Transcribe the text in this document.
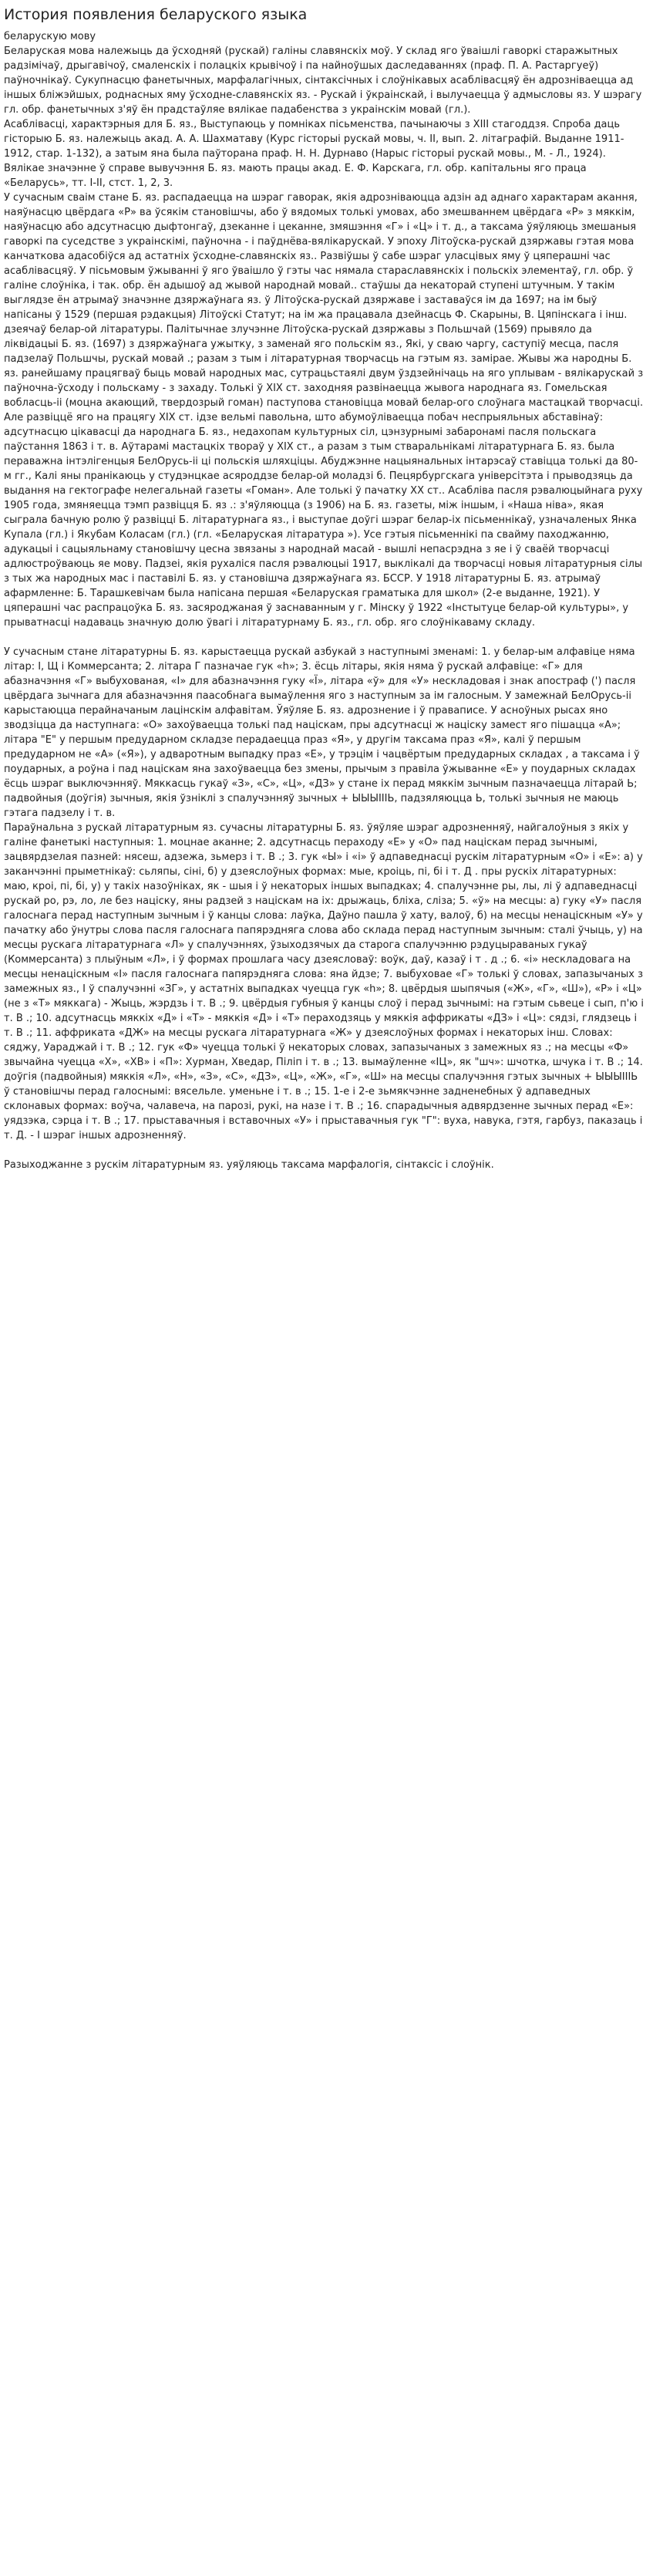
История появления беларуского языка

беларускую мову

Беларуская мова належыць да ўсходняй (рускай) галіны славянскіх моў. У склад яго ўваішлі гаворкі старажытных радзімічаў, дрыгавічоў, смаленскіх і полацкіх крывічоў і па найноўшых даследаваннях (праф. П. А. Растаргуеў) паўночнікаў. Сукупнасцю фанетычных, марфалагічных, сінтаксічных і слоўнікавых асаблівасцяў ён адрозніваецца ад іншых бліжэйшых, роднасных яму ўсходне-славянскіх яз. - Рускай і ўкраінскай, і вылучаецца ў адмысловы яз. У шэрагу гл. обр. фанетычных з'яў ён прадстаўляе вялікае падабенства з украінскім мовай (гл.).

Асаблівасці, характэрныя для Б. яз., Выступаюць у помніках пісьменства, пачынаючы з XIII стагоддзя. Спроба даць гісторыю Б. яз. належыць акад. А. А. Шахматаву (Курс гісторыі рускай мовы, ч. ІІ, вып. 2. літаграфій. Выданне 1911-1912, стар. 1-132), а затым яна была паўторана праф. Н. Н. Дурнаво (Нарыс гісторыі рускай мовы., М. - Л., 1924). Вялікае значэнне ў справе вывучэння Б. яз. мають працы акад. Е. Ф. Карскага, гл. обр. капітальны яго праца «Беларусь», тт. I-II, стст. 1, 2, 3.

У сучасным сваім стане Б. яз. распадаецца на шэраг гаворак, якія адрозніваюцца адзін ад аднаго характарам акання, наяўнасцю цвёрдага «Р» ва ўсякім становішчы, або ў вядомых толькі умовах, або змешваннем цвёрдага «Р» з мяккім, наяўнасцю або адсутнасцю дыфтонгаў, дзеканне і цеканне, змяшэння «Г» і «Ц» і т. д., а таксама ўяўляюць змешаныя гаворкі па суседстве з украінскімі, паўночна - і паўднёва-вялікарускай. У эпоху Літоўска-рускай дзяржавы гэтая мова канчаткова адасобіўся ад астатніх ўсходне-славянскіх яз.. Развіўшы ў сабе шэраг уласцівых яму ў цяперашні час асаблівасцяў. У пісьмовым ўжыванні ў яго ўваішло ў гэты час нямала стараславянскіх і польскіх элементаў, гл. обр. ў галіне слоўніка, і так. обр. ён адышоў ад жывой народнай мовай.. стаўшы да некаторай ступені штучным. У такім выглядзе ён атрымаў значэнне дзяржаўнага яз. ў Літоўска-рускай дзяржаве і заставаўся ім да 1697; на ім быў напісаны ў 1529 (першая рэдакцыя) Літоўскі Статут; на ім жа працавала дзейнасць Ф. Скарыны, В. Цяпінскага і інш. дзеячаў белар-ой літаратуры. Палітычнае злучэнне Літоўска-рускай дзяржавы з Польшчай (1569) прывяло да ліквідацыі Б. яз. (1697) з дзяржаўнага ужытку, з заменай яго польскім яз., Які, у сваю чаргу, саступіў месца, пасля падзелаў Польшчы, рускай мовай .; разам з тым і літаратурная творчасць на гэтым яз. заміраe. Жывы жа народны Б. яз. ранейшаму працягваў быць мовай народных мас, сутрацьстаялі двум ўздзейнічаць на яго уплывам - вялікарускай з паўночна-ўсходу і польскаму - з захаду. Толькі ў XIX ст. заходняя развінаецца жывога народнага яз. Гомельская вобласць-іі (моцна акающий, твердозрый гоман) паступова становіцца мовай белар-ого слоўнага мастацкай творчасці.

Але развіццё яго на працягу XIX ст. ідзе вельмі павольна, што абумоўліваецца побач неспрыяльных абставінаў: адсутнасцю цікавасці да народнага Б. яз., недахопам культурных сіл, цэнзурнымі забаронамі пасля польскага паўстання 1863 і т. в. Аўтарамі мастацкіх твораў у XIX ст., а разам з тым стваральнікамі літаратурнага Б. яз. была пераважна інтэлігенцыя БелОрусь-іі ці польскія шляхціцы. Абуджэнне нацыянальных інтарэсаў ставіцца толькі да 80-м гг., Калі яны пранікаюць у студэнцкае асяроддзе белар-ой моладзі б. Пецярбургскага універсітэта і прыводзяць да выдання на гектографе нелегальнай газеты «Гоман». Але толькі ў пачатку XX ст.. Асабліва пасля рэвалюцыйнага руху 1905 года, змяняецца тэмп развіцця Б. яз .: з'яўляюцца (з 1906) на Б. яз. газеты, між іншым, і «Наша ніва», якая сыграла бачную ролю ў развіцці Б. літаратурнага яз., і выступае доўгі шэраг белар-іх пісьменнікаў, узначаленых Янка Купала (гл.) і Якубам Коласам (гл.) (гл. «Беларуская літаратура »). Усе гэтыя пісьменнікі па свайму паходжанню, адукацыі і сацыяльнаму становішчу цесна звязаны з народнай масай - вышлі непасрэдна з яе і ў сваёй творчасці адлюстроўваюць яе мову. Падзеі, якія рухаліся пасля рэвалюцыі 1917, выклікалі да творчасці новыя літаратурныя сілы з тых жа народных мас і паставілі Б. яз. у становішча дзяржаўнага яз. БССР. У 1918 літаратурны Б. яз. атрымаў афармленне: Б. Тарашкевічам была напісана першая «Беларуская граматыка для школ» (2-е выданне, 1921). У цяперашні час распрацоўка Б. яз. засяроджаная ў заснаванным у г. Мінску ў 1922 «Інстытуце белар-ой культуры», у прыватнасці надаваць значную долю ўвагі і літаратурнаму Б. яз., гл. обр. яго слоўнікаваму складу.

У сучасным стане літаратурны Б. яз. карыстаецца рускай азбукай з наступнымі зменамі: 1. у белар-ым алфавіце няма літар: І, Щ і Коммерсанта; 2. літара Г пазначае гук «h»; 3. ёсць літары, якія няма ў рускай алфавіце: «Г» для абазначэння «Г» выбухованая, «І» для абазначэння гуку «Ї», літара «ў» для «У» нескладовая і знак апостраф (') пасля цвёрдага зычнага для абазначэння паасобнага вымаўлення яго з наступным за ім галосным. У замежнай БелОрусь-іі карыстаюцца перайначаным лацінскім алфавітам. Ўяўляе Б. яз. адрознение і ў праваписе. У асноўных рысах яно зводзіцца да наступнага: «О» захоўваецца толькі пад націскам, пры адсутнасці ж націску замест яго пішацца «А»; літара "Е" у першым предударном складзе перадаецца праз «Я», у другім таксама праз «Я», калі ў першым предударном не «А» («Я»), у адваротным выпадку праз «Е», у трэцім і чацвёртым предударных складах , а таксама і ў поударных, а роўна і пад націскам яна захоўваецца без змены, прычым з правіла ўжыванне «Е» у поударных складах ёсць шэраг выключэнняў. Мяккасць гукаў «З», «С», «Ц», «ДЗ» у стане іх перад мяккім зычным пазначаецца літарай Ь; падвойныя (доўгія) зычныя, якія ўзніклі з спалучэнняў зычных + ЫЫЫІІІЬ, падзяляюцца Ь, толькі зычныя не маюць гэтага падзелу і т. в.

Параўнальна з рускай літаратурным яз. сучасны літаратурны Б. яз. ўяўляе шэраг адрозненняў, найгалоўныя з якіх у галіне фанетыкі наступныя: 1. моцнае аканне; 2. адсутнасць пераходу «Е» у «О» пад націскам перад зычнымі, зацвярдзелая пазней: нясеш, адзежа, зьмерз і т. В .; 3. гук «Ы» і «і» ў адпаведнасці рускім літаратурным «О» і «Е»: а) у заканчэнні прыметнікаў: сьляпы, сіні, б) у дзеяслоўных формах: мые, кроіць, пі, бі і т. Д . пры рускіх літаратурных: маю, кроі, пі, бі, у) у такіх назоўніках, як - шыя і ў некаторых іншых выпадках; 4. спалучэнне ры, лы, лі ў адпаведнасці рускай ро, рэ, ло, ле без націску, яны радзей з націскам на іх: дрыжаць, бліха, сліза; 5. «ў» на месцы: а) гуку «У» пасля галоснага перад наступным зычным і ў канцы слова: лаўка, Даўно пашла ў хату, валоў, б) на месцы ненацiскным «У» у пачатку або ўнутры слова пасля галоснага папярэдняга слова або склада перад наступным зычным: сталі ўчыць, у) на месцы рускага літаратурнага «Л» у спалучэннях, ўзыходзячых да старога спалучэнню рэдуцыраваных гукаў (Коммерсанта) з плыўным «Л», і ў формах прошлага часу дзеясловаў: воўк, даў, казаў і т . д .; 6. «і» нескладовага на месцы ненацiскным «І» пасля галоснага папярэдняга слова: яна йдзе; 7. выбуховае «Г» толькі ў словах, запазычаных з замежных яз., І ў спалучэнні «ЗГ», у астатніх выпадках чуецца гук «h»; 8. цвёрдыя шыпячыя («Ж», «Г», «Ш»), «Р» і «Ц» (не з «Т» мяккага) - Жыць, жэрдзь і т. В .; 9. цвёрдыя губныя ў канцы слоў і перад зычнымі: на гэтым сьвеце і сып, п'ю і т. В .; 10. адсутнасць мяккіх «Д» і «Т» - мяккія «Д» і «Т» пераходзяць у мяккія аффрикаты «ДЗ» і «Ц»: сядзі, глядзець і т. В .; 11. аффриката «ДЖ» на месцы рускага літаратурнага «Ж» у дзеяслоўных формах і некаторых інш. Словах: сяджу, Уараджай і т. В .; 12. гук «Ф» чуецца толькі ў некаторых словах, запазычаных з замежных яз .; на месцы «Ф» звычайна чуецца «Х», «ХВ» і «П»: Хурман, Хведар, Піліп і т. в .; 13. вымаўленне «ІЦ», як "шч»: шчотка, шчука і т. В .; 14. доўгія (падвойныя) мяккія «Л», «Н», «З», «С», «ДЗ», «Ц», «Ж», «Г», «Ш» на месцы спалучэння гэтых зычных + ЫЫЫІІІЬ ў становішчы перад галоснымі: вясельле. уменьне і т. в .; 15. 1-е і 2-е зьмякчэнне задненебных ў адпаведных склонавых формах: воўча, чалавеча, на парозі, рукі, на назе і т. В .; 16. спарадычныя адвярдзенне зычных перад «Е»: уядзэка, сэрца і т. В .; 17. прыставачныя і вставочных «У» і прыставачныя гук "Г": вуха, навука, гэтя, гарбуз, паказаць і т. Д. - І шэраг іншых адрозненняў.

Разыходжанне з рускім літаратурным яз. уяўляюць таксама марфалогія, сінтаксіс і слоўнік.
